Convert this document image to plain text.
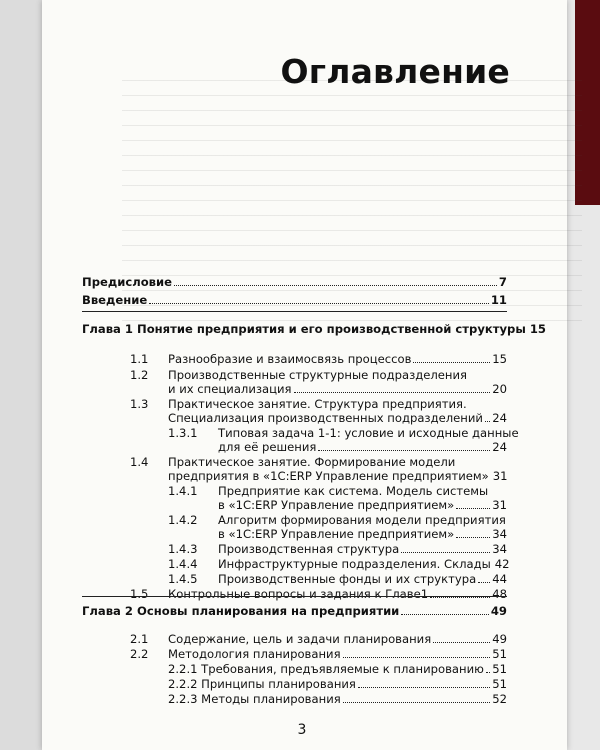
Оглавление
Предисловие	7
Введение	11
Глава 1 Понятие предприятия и его производственной структуры 15
1.1	Разнообразие и взаимосвязь процессов	15
1.2 Производственные структурные подразделения
и их специализация	20
1.3 Практическое занятие. Структура предприятия.
Специализация производственных подразделений 24
1.3.1 Типовая задача 1-1: условие и исходные данные
для её решения	24
1.4 Практическое занятие. Формирование модели
предприятия в «1С:ERP Управление предприятием» 31
1.4.1 Предприятие как система. Модель системы
в «1С:ERP Управление предприятием»	31
1.4.2 Алгоритм формирования модели предприятия
в «1С:ERP Управление предприятием»	34
1.4.3	Производственная структура	34
1.4.4	Инфраструктурные подразделения. Склады 42
1.4.5	Производственные фонды и их структура 44
1.5	Контрольные вопросы и задания к Главе1	48
Глава 2 Основы планирования на предприятии	49
2.1	Содержание, цель и задачи планирования	49
2.2	Методология планирования	51
2.2.1 Требования, предъявляемые к планированию 51
2.2.2 Принципы планирования	51
2.2.3 Методы планирования	52
3
